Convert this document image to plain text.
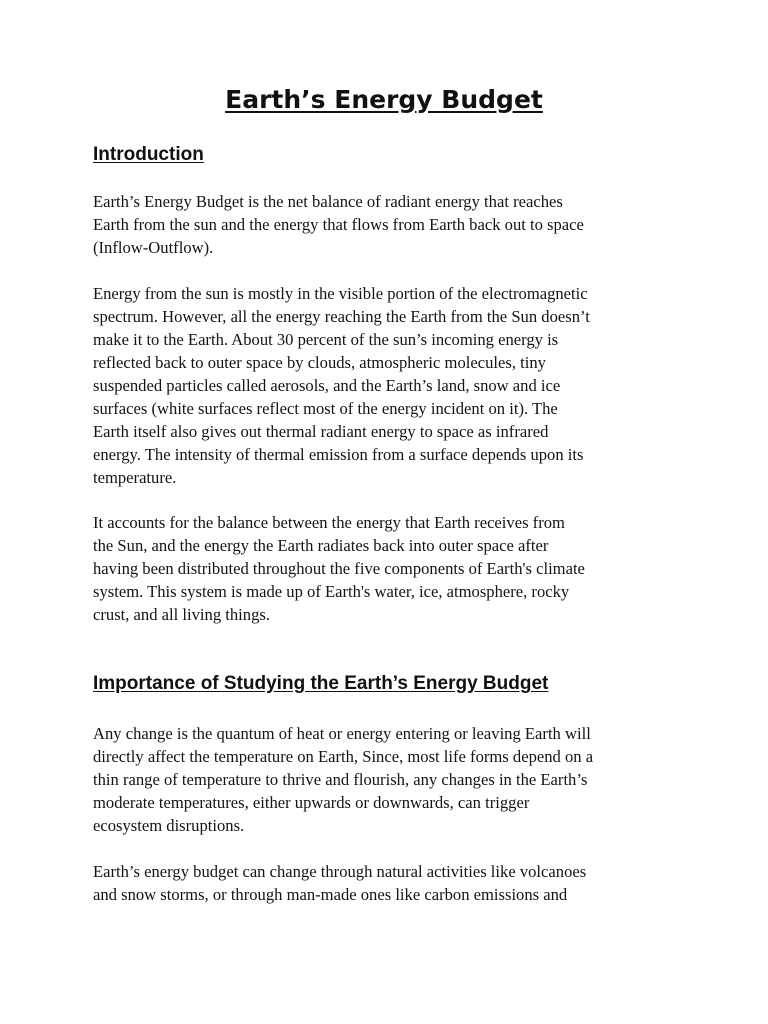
Earth’s Energy Budget
Introduction

Earth’s Energy Budget is the net balance of radiant energy that reaches
Earth from the sun and the energy that flows from Earth back out to space
(Inflow-Outflow).

Energy from the sun is mostly in the visible portion of the electromagnetic
spectrum. However, all the energy reaching the Earth from the Sun doesn’t
make it to the Earth. About 30 percent of the sun’s incoming energy is
reflected back to outer space by clouds, atmospheric molecules, tiny
suspended particles called aerosols, and the Earth’s land, snow and ice
surfaces (white surfaces reflect most of the energy incident on it). The
Earth itself also gives out thermal radiant energy to space as infrared
energy. The intensity of thermal emission from a surface depends upon its
temperature.

It accounts for the balance between the energy that Earth receives from
the Sun, and the energy the Earth radiates back into outer space after
having been distributed throughout the five components of Earth's climate
system. This system is made up of Earth's water, ice, atmosphere, rocky
crust, and all living things.

Importance of Studying the Earth’s Energy Budget

Any change is the quantum of heat or energy entering or leaving Earth will
directly affect the temperature on Earth, Since, most life forms depend on a
thin range of temperature to thrive and flourish, any changes in the Earth’s
moderate temperatures, either upwards or downwards, can trigger
ecosystem disruptions.

Earth’s energy budget can change through natural activities like volcanoes
and snow storms, or through man-made ones like carbon emissions and
